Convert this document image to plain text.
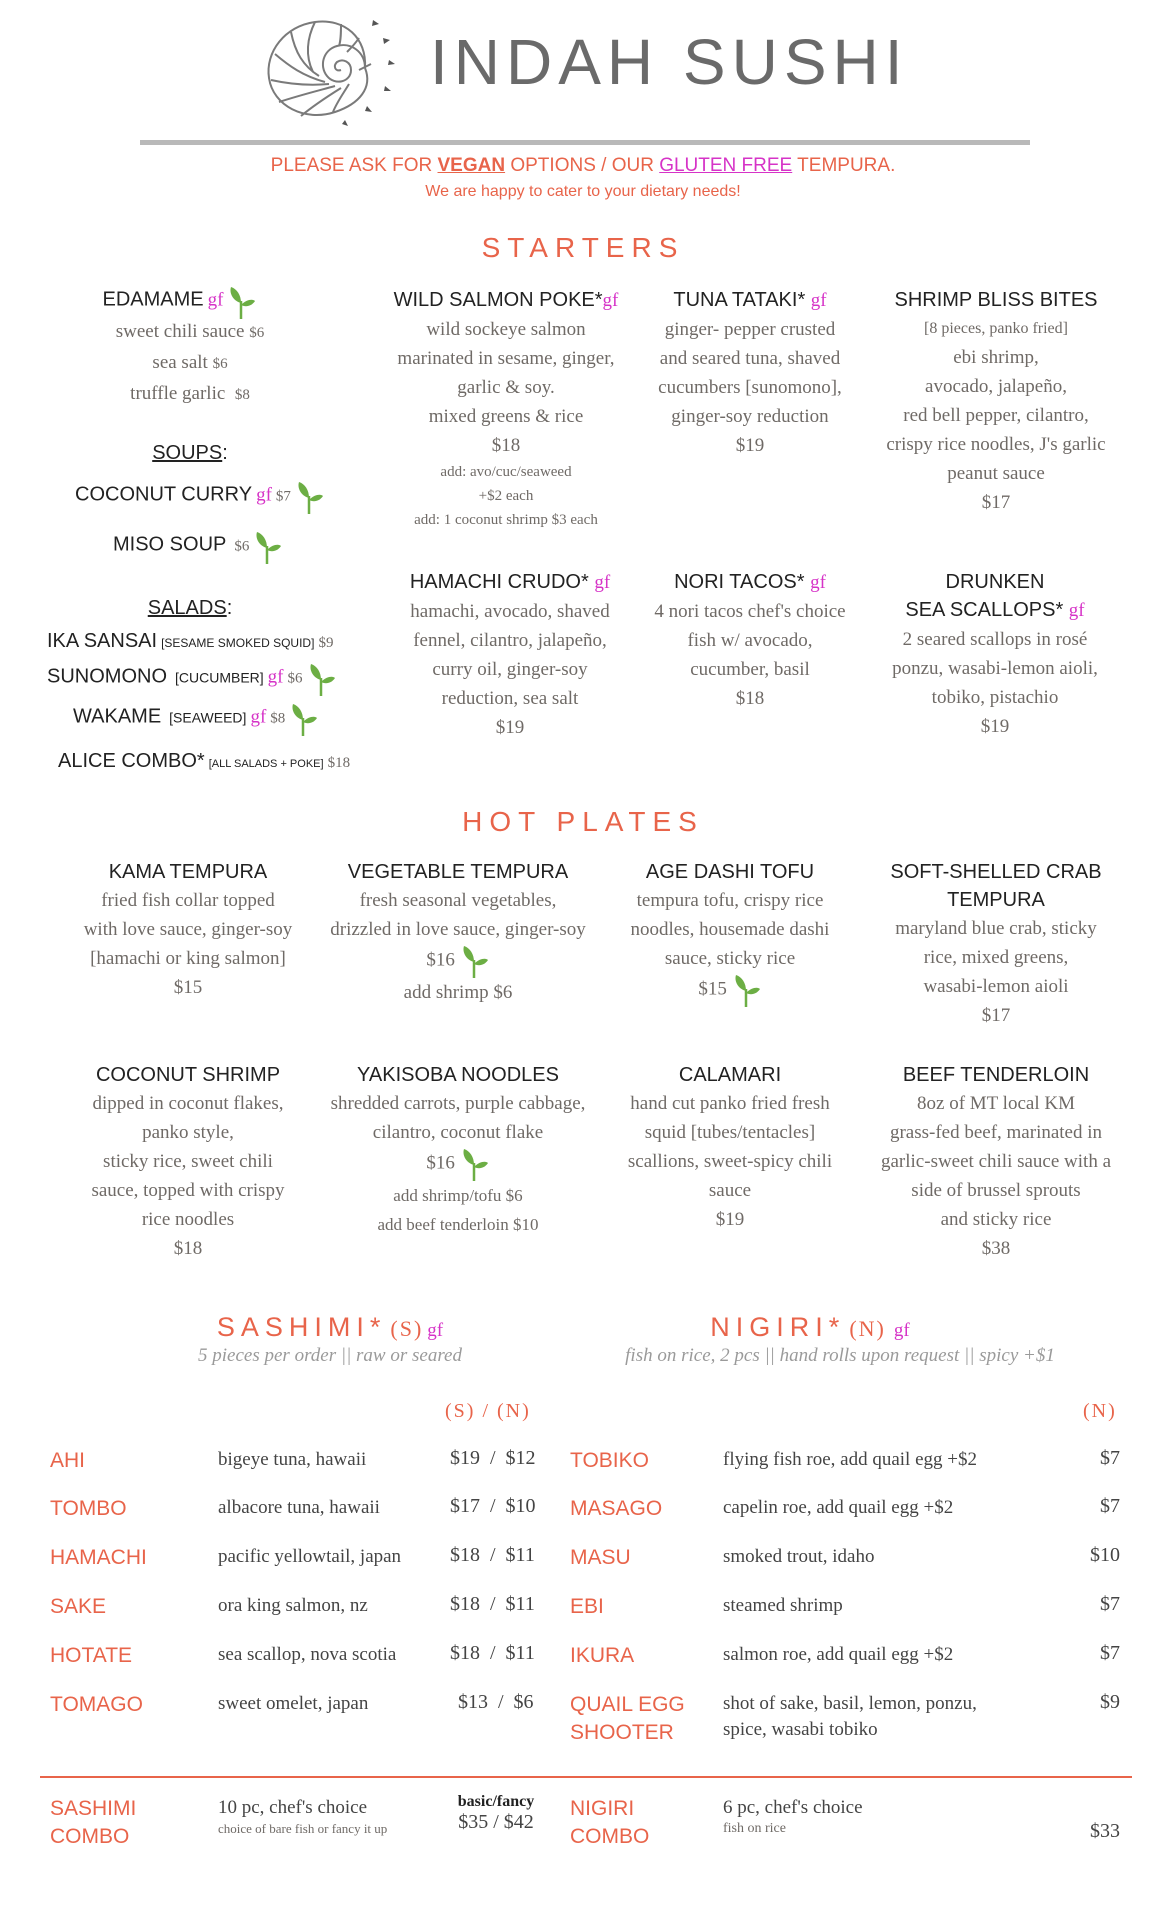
INDAH SUSHI
PLEASE ASK FOR VEGAN OPTIONS / OUR GLUTEN FREE TEMPURA.
We are happy to cater to your dietary needs!
STARTERS
EDAMAME gf
sweet chili sauce $6
sea salt $6
truffle garlic $8
SOUPS:
COCONUT CURRY gf $7
MISO SOUP $6
SALADS:
IKA SANSAI [SESAME SMOKED SQUID] $9
SUNOMONO [CUCUMBER] gf $6
WAKAME [SEAWEED] gf $8
ALICE COMBO* [ALL SALADS + POKE] $18
WILD SALMON POKE*gf
wild sockeye salmon
marinated in sesame, ginger,
garlic & soy.
mixed greens & rice
$18
add: avo/cuc/seaweed
+$2 each
add: 1 coconut shrimp $3 each
TUNA TATAKI* gf
ginger- pepper crusted
and seared tuna, shaved
cucumbers [sunomono],
ginger-soy reduction
$19
SHRIMP BLISS BITES
[8 pieces, panko fried]
ebi shrimp,
avocado, jalapeño,
red bell pepper, cilantro,
crispy rice noodles, J's garlic
peanut sauce
$17
HAMACHI CRUDO* gf
hamachi, avocado, shaved
fennel, cilantro, jalapeño,
curry oil, ginger-soy
reduction, sea salt
$19
NORI TACOS* gf
4 nori tacos chef's choice
fish w/ avocado,
cucumber, basil
$18
DRUNKEN
SEA SCALLOPS* gf
2 seared scallops in rosé
ponzu, wasabi-lemon aioli,
tobiko, pistachio
$19
HOT PLATES
KAMA TEMPURA
fried fish collar topped
with love sauce, ginger-soy
[hamachi or king salmon]
$15
VEGETABLE TEMPURA
fresh seasonal vegetables,
drizzled in love sauce, ginger-soy
$16
add shrimp $6
AGE DASHI TOFU
tempura tofu, crispy rice
noodles, housemade dashi
sauce, sticky rice
$15
SOFT-SHELLED CRAB
TEMPURA
maryland blue crab, sticky
rice, mixed greens,
wasabi-lemon aioli
$17
COCONUT SHRIMP
dipped in coconut flakes,
panko style,
sticky rice, sweet chili
sauce, topped with crispy
rice noodles
$18
YAKISOBA NOODLES
shredded carrots, purple cabbage,
cilantro, coconut flake
$16
add shrimp/tofu $6
add beef tenderloin $10
CALAMARI
hand cut panko fried fresh
squid [tubes/tentacles]
scallions, sweet-spicy chili
sauce
$19
BEEF TENDERLOIN
8oz of MT local KM
grass-fed beef, marinated in
garlic-sweet chili sauce with a
side of brussel sprouts
and sticky rice
$38
SASHIMI* (S) gf
5 pieces per order || raw or seared
NIGIRI* (N) gf
fish on rice, 2 pcs || hand rolls upon request || spicy +$1
(S) / (N)	(N)
AHI	bigeye tuna, hawaii	$19  /  $12
TOMBO	albacore tuna, hawaii	$17  /  $10
HAMACHI	pacific yellowtail, japan $18  /  $11
SAKE	ora king salmon, nz	$18  /  $11
HOTATE	sea scallop, nova scotia	$18  /  $11
TOMAGO	sweet omelet, japan	$13  /  $6
TOBIKO	flying fish roe, add quail egg +$2	$7
MASAGO	capelin roe, add quail egg +$2	$7
MASU	smoked trout, idaho	$10
EBI	steamed shrimp	$7
IKURA	salmon roe, add quail egg +$2	$7
QUAIL EGG
SHOOTER
shot of sake, basil, lemon, ponzu,
spice, wasabi tobiko
$9
SASHIMI
COMBO
10 pc, chef's choice
choice of bare fish or fancy it up
basic/fancy
$35 / $42
NIGIRI
COMBO
6 pc, chef's choice
fish on rice	$33
